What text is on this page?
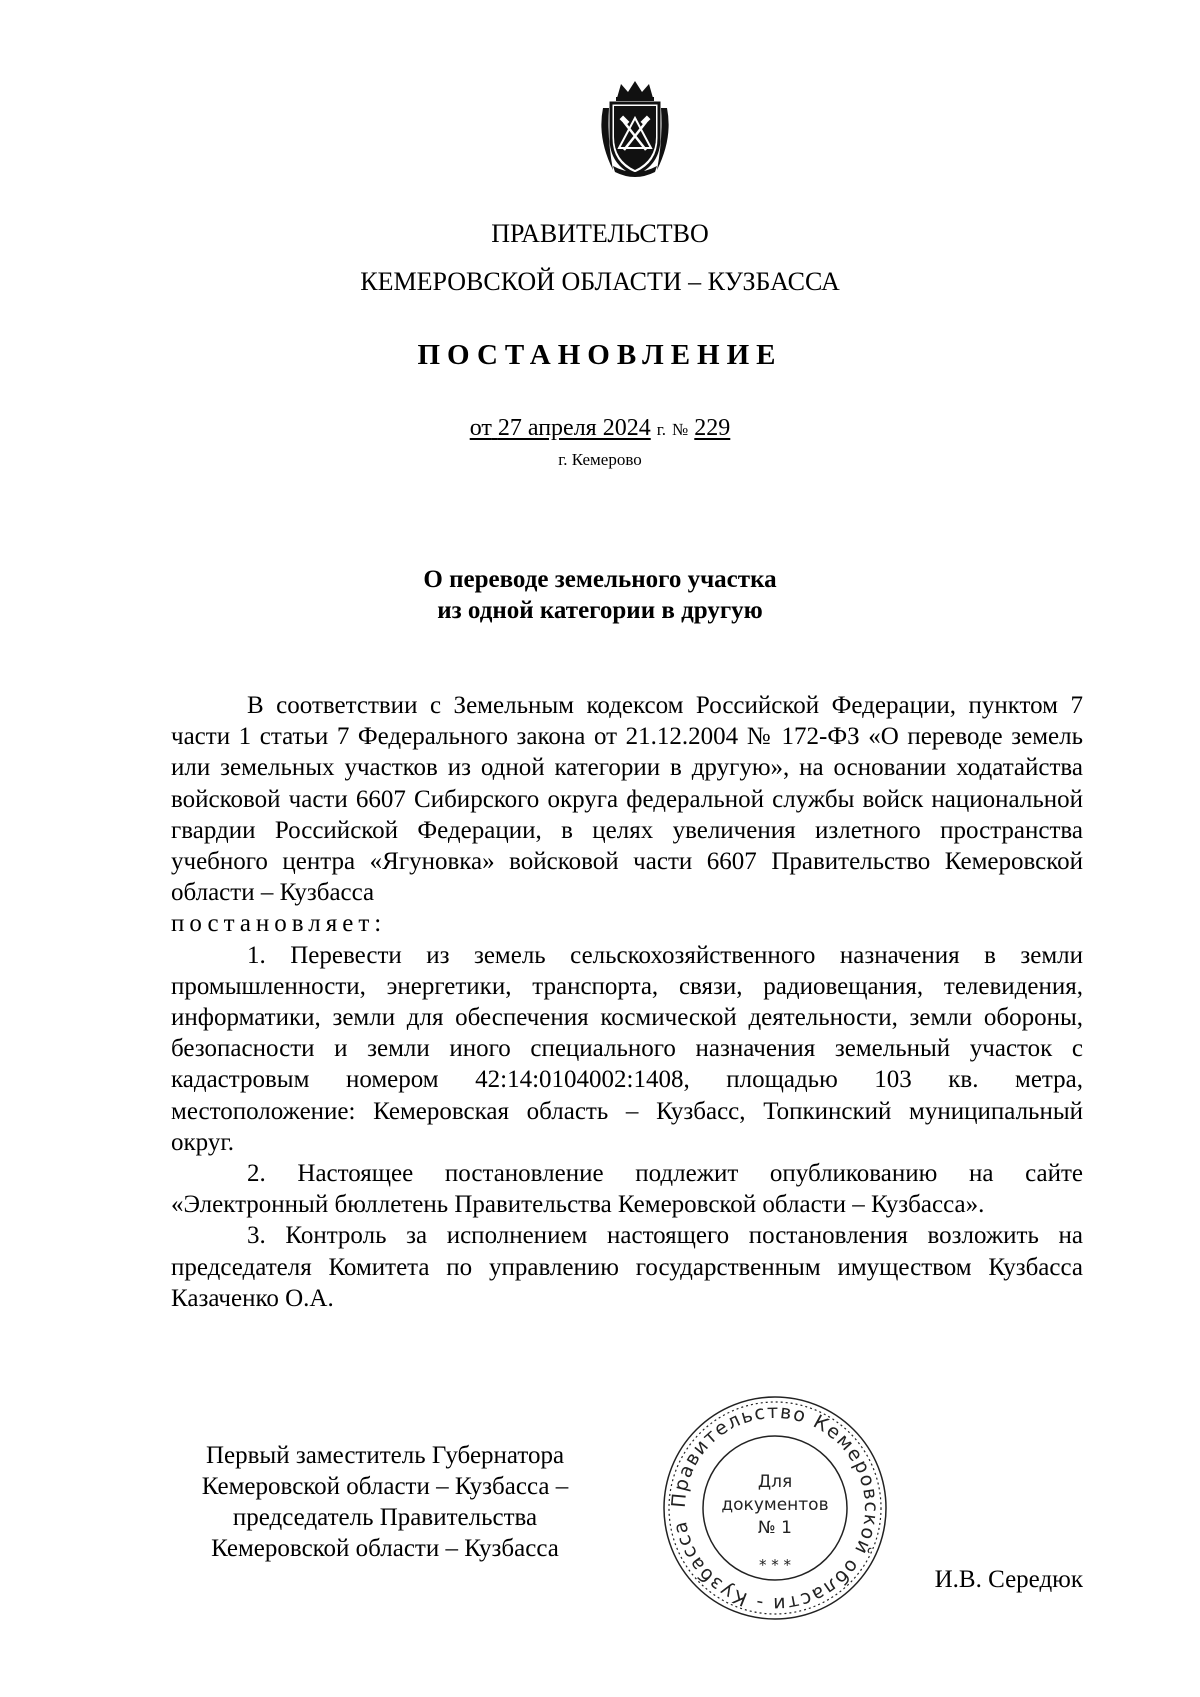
ПРАВИТЕЛЬСТВО
КЕМЕРОВСКОЙ ОБЛАСТИ – КУЗБАССА
ПОСТАНОВЛЕНИЕ
от 27 апреля 2024 г. № 229
г. Кемерово
О переводе земельного участка
из одной категории в другую

В соответствии с Земельным кодексом Российской Федерации, пунктом 7 части 1 статьи 7 Федерального закона от 21.12.2004 № 172-ФЗ «О переводе земель или земельных участков из одной категории в другую», на основании ходатайства войсковой части 6607 Сибирского округа федеральной службы войск национальной гвардии Российской Федерации, в целях увеличения излетного пространства учебного центра «Ягуновка» войсковой части 6607 Правительство Кемеровской области – Кузбасса

постановляет:

1. Перевести из земель сельскохозяйственного назначения в земли промышленности, энергетики, транспорта, связи, радиовещания, телевидения, информатики, земли для обеспечения космической деятельности, земли обороны, безопасности и земли иного специального назначения земельный участок с кадастровым номером 42:14:0104002:1408, площадью 103 кв. метра, местоположение: Кемеровская область – Кузбасс, Топкинский муниципальный округ.

2. Настоящее постановление подлежит опубликованию на сайте «Электронный бюллетень Правительства Кемеровской области – Кузбасса».

3. Контроль за исполнением настоящего постановления возложить на председателя Комитета по управлению государственным имуществом Кузбасса Казаченко О.А.

Первый заместитель Губернатора
Кемеровской области – Кузбасса –
председатель Правительства
Кемеровской области – Кузбасса
Правительство Кемеровской области - Кузбасса
Для
документов
№ 1
* * *
И.В. Середюк
